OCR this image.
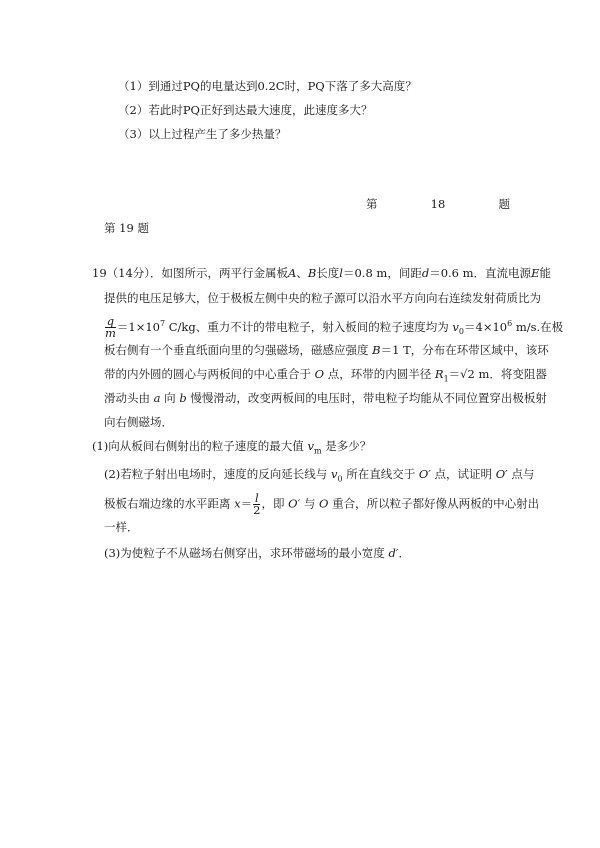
（1）到通过PQ的电量达到0.2C时，PQ下落了多大高度？
（2）若此时PQ正好到达最大速度，此速度多大？
（3）以上过程产生了多少热量？
第	18	题
第 19 题
19（14分）．如图所示，两平行金属板 A 、 B 长度 l ＝0.8 m，间距 d ＝0.6 m．直流电源 E 能
提供的电压足够大，位于极板左侧中央的粒子源可以沿水平方向向右连续发射荷质比为
$\frac{q}{m} =1\times 10^7$ C/kg、重力不计的带电粒子，射入板间的粒子速度均为 $v_0=4\times 10^6$ m/s.在极
板右侧有一个垂直纸面向里的匀强磁场，磁感应强度 B＝1 T，分布在环带区域中，该环
带的内外圆的圆心与两板间的中心重合于 O 点，环带的内圆半径 $R_1=√2$ m．将变阻器
滑动头由 a 向 b 慢慢滑动，改变两板间的电压时，带电粒子均能从不同位置穿出极板射
向右侧磁场．
(1)向从板间右侧射出的粒子速度的最大值 $v_m$ 是多少？
(2)若粒子射出电场时，速度的反向延长线与 $v_0$ 所在直线交于 O′ 点，试证明 O′ 点与
极板右端边缘的水平距离 $x= \frac{l}{2}$ ，即 O′ 与 O 重合，所以粒子都好像从两板的中心射出
一样．
(3)为使粒子不从磁场右侧穿出，求环带磁场的最小宽度 d′．
